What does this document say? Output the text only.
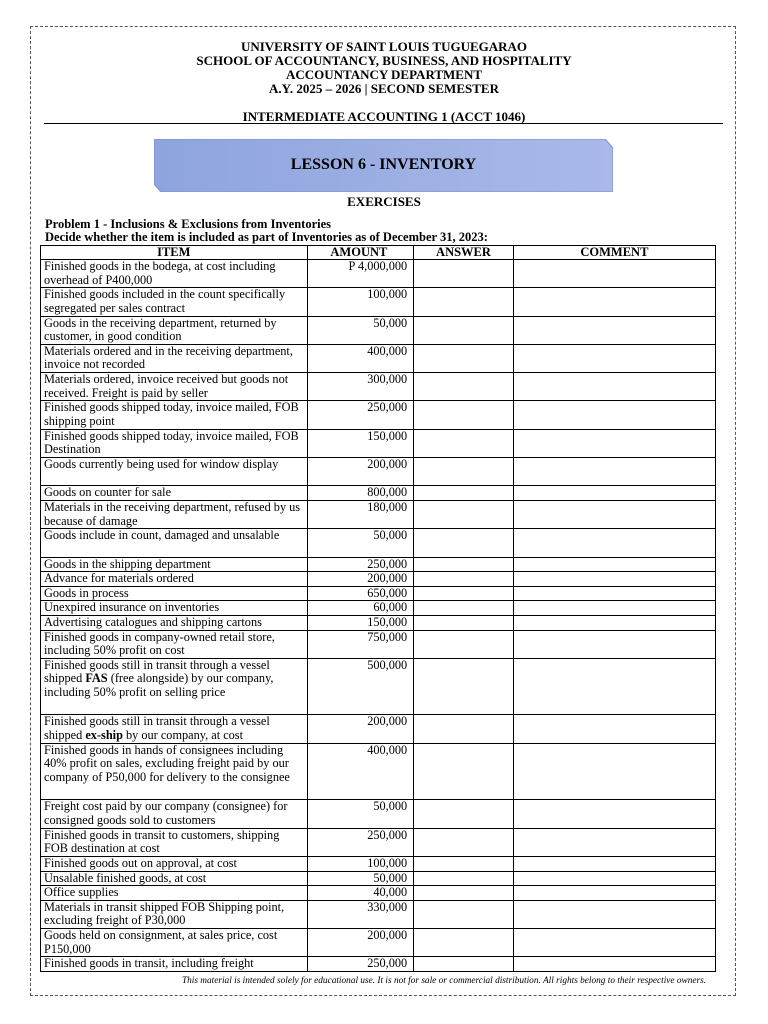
UNIVERSITY OF SAINT LOUIS TUGUEGARAO
SCHOOL OF ACCOUNTANCY, BUSINESS, AND HOSPITALITY
ACCOUNTANCY DEPARTMENT
A.Y. 2025 – 2026 | SECOND SEMESTER
INTERMEDIATE ACCOUNTING 1 (ACCT 1046)
LESSON 6 - INVENTORY
EXERCISES
Problem 1 - Inclusions & Exclusions from Inventories
Decide whether the item is included as part of Inventories as of December 31, 2023:
ITEM	AMOUNT	ANSWER	COMMENT
Finished goods in the bodega, at cost including overhead of P400,000	P 4,000,000		
Finished goods included in the count specifically segregated per sales contract	100,000		
Goods in the receiving department, returned by customer, in good condition	50,000		
Materials ordered and in the receiving department, invoice not recorded	400,000		
Materials ordered, invoice received but goods not received. Freight is paid by seller	300,000		
Finished goods shipped today, invoice mailed, FOB shipping point	250,000		
Finished goods shipped today, invoice mailed, FOB Destination	150,000		
Goods currently being used for window display	200,000		
Goods on counter for sale	800,000		
Materials in the receiving department, refused by us because of damage	180,000		
Goods include in count, damaged and unsalable	50,000		
Goods in the shipping department	250,000		
Advance for materials ordered	200,000		
Goods in process	650,000		
Unexpired insurance on inventories	60,000		
Advertising catalogues and shipping cartons	150,000		
Finished goods in company-owned retail store, including 50% profit on cost	750,000		
Finished goods still in transit through a vessel shipped FAS (free alongside) by our company, including 50% profit on selling price	500,000		
Finished goods still in transit through a vessel shipped ex-ship by our company, at cost	200,000		
Finished goods in hands of consignees including 40% profit on sales, excluding freight paid by our company of P50,000 for delivery to the consignee	400,000		
Freight cost paid by our company (consignee) for consigned goods sold to customers	50,000		
Finished goods in transit to customers, shipping FOB destination at cost	250,000		
Finished goods out on approval, at cost	100,000		
Unsalable finished goods, at cost	50,000		
Office supplies	40,000		
Materials in transit shipped FOB Shipping point, excluding freight of P30,000	330,000		
Goods held on consignment, at sales price, cost P150,000	200,000		
Finished goods in transit, including freight	250,000		
This material is intended solely for educational use. It is not for sale or commercial distribution. All rights belong to their respective owners.
